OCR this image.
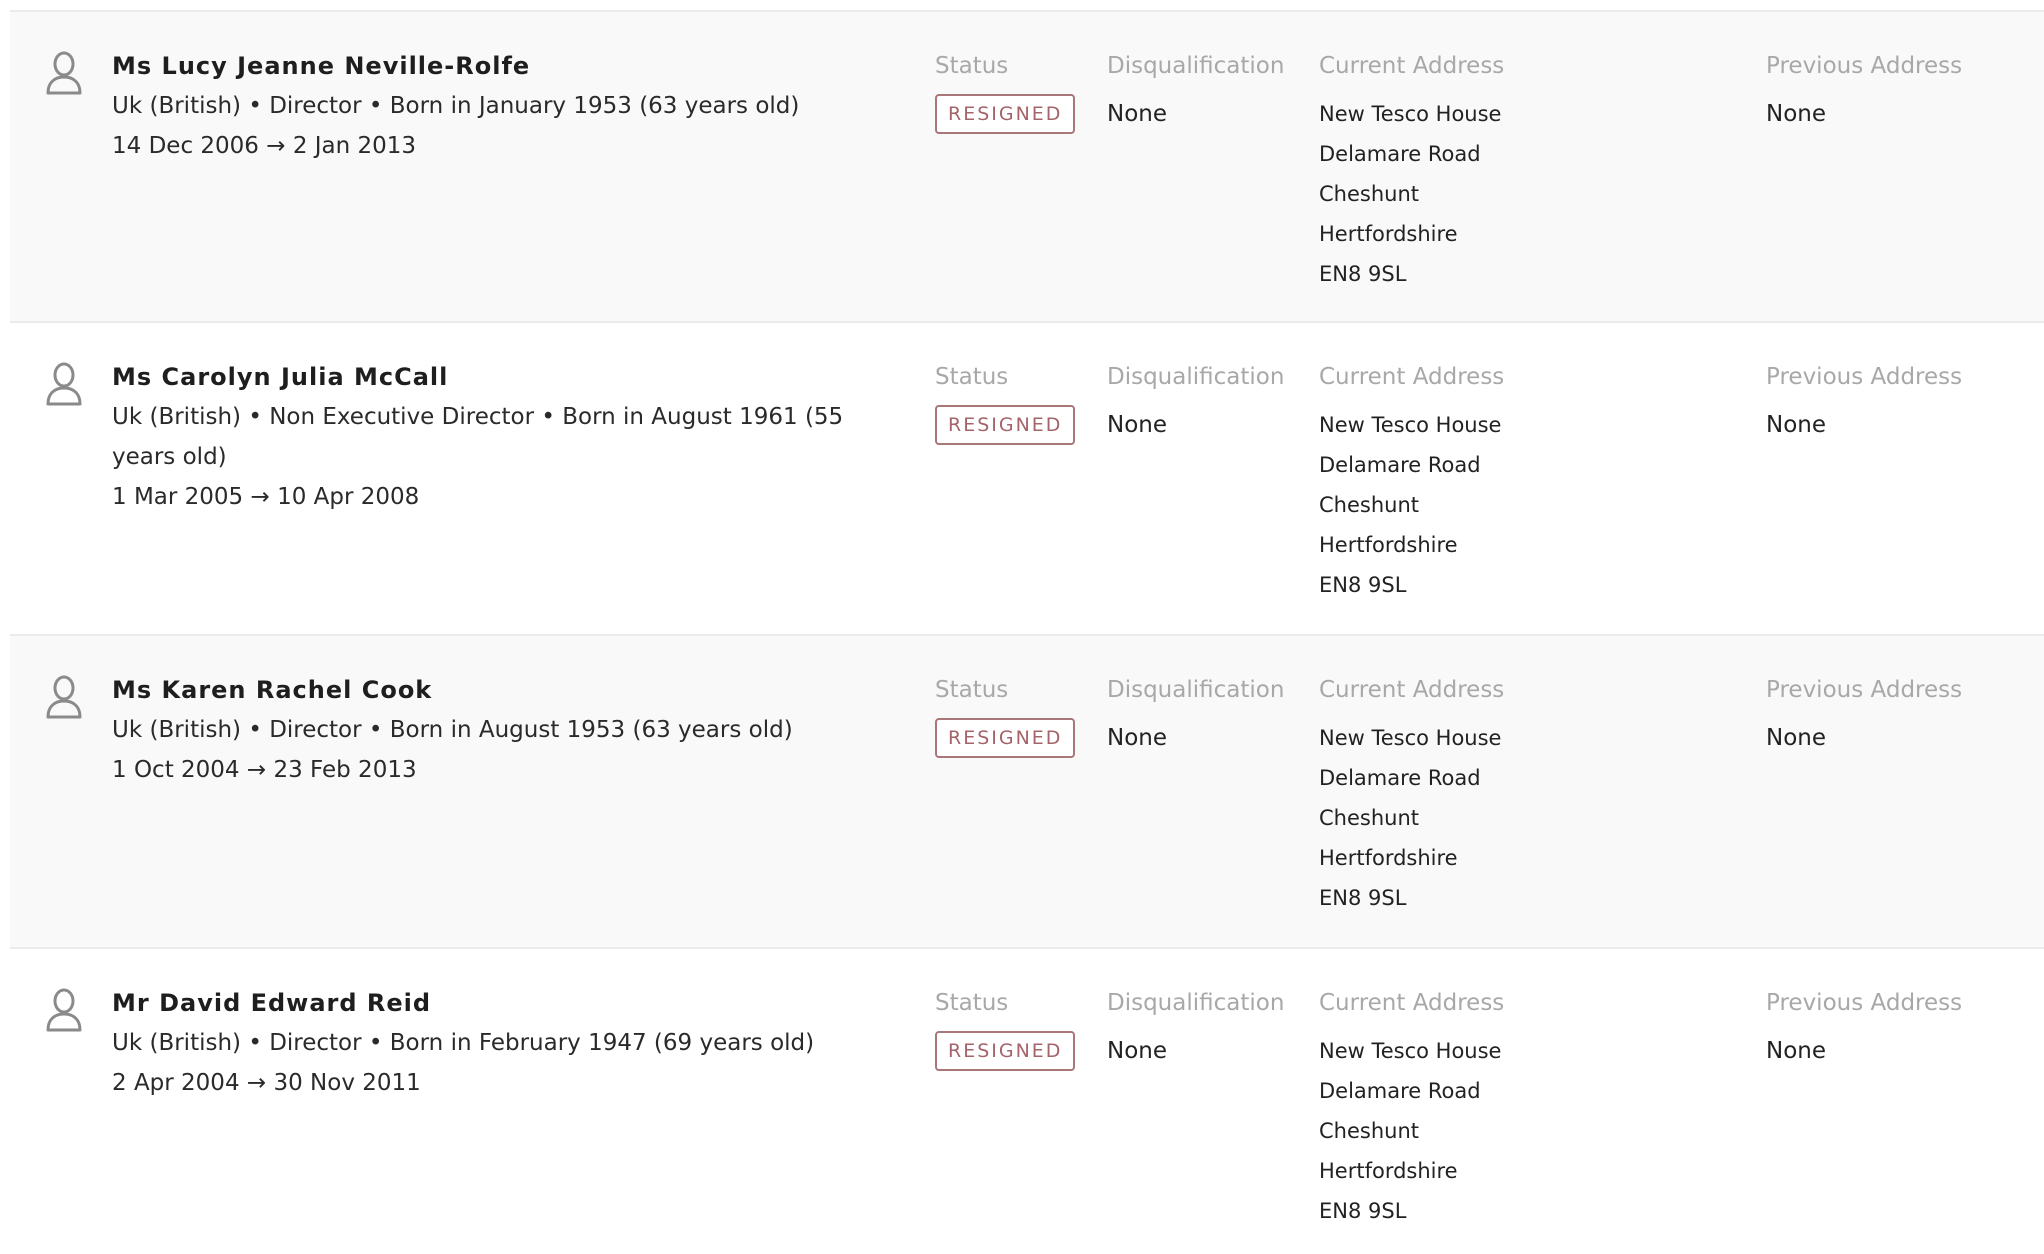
Ms Lucy Jeanne Neville-Rolfe
Uk (British) • Director • Born in January 1953 (63 years old)
14 Dec 2006 → 2 Jan 2013
Status
RESIGNED
Disqualification
None
Current Address
New Tesco House
Delamare Road
Cheshunt
Hertfordshire
EN8 9SL
Previous Address
None
Ms Carolyn Julia McCall
Uk (British) • Non Executive Director • Born in August 1961 (55 years old)
1 Mar 2005 → 10 Apr 2008
Status
RESIGNED
Disqualification
None
Current Address
New Tesco House
Delamare Road
Cheshunt
Hertfordshire
EN8 9SL
Previous Address
None
Ms Karen Rachel Cook
Uk (British) • Director • Born in August 1953 (63 years old)
1 Oct 2004 → 23 Feb 2013
Status
RESIGNED
Disqualification
None
Current Address
New Tesco House
Delamare Road
Cheshunt
Hertfordshire
EN8 9SL
Previous Address
None
Mr David Edward Reid
Uk (British) • Director • Born in February 1947 (69 years old)
2 Apr 2004 → 30 Nov 2011
Status
RESIGNED
Disqualification
None
Current Address
New Tesco House
Delamare Road
Cheshunt
Hertfordshire
EN8 9SL
Previous Address
None
